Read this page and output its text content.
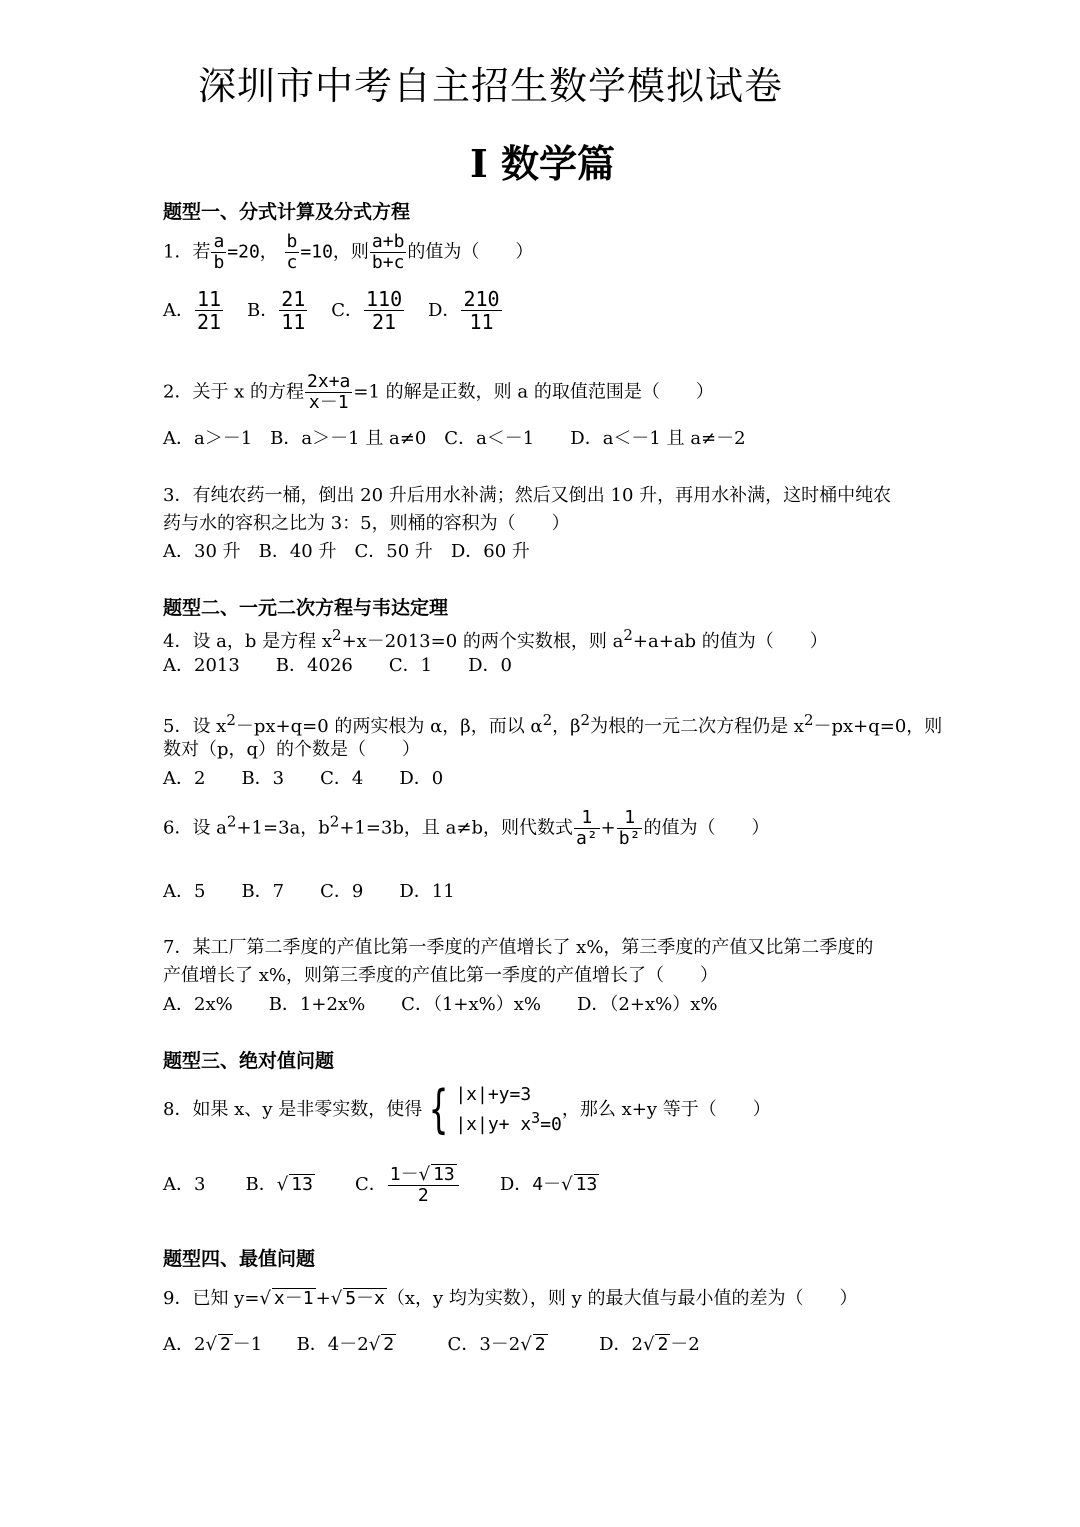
深圳市中考自主招生数学模拟试卷
I 数学篇
题型一、分式计算及分式方程
1．若 $\frac{a}{b} =20$， $\frac{b}{c} =10$，则 $\frac{a+b}{b+c}$ 的值为（　　）
A． $\frac{11}{21}$ B． $\frac{21}{11}$ C． $\frac{110}{21}$ D． $\frac{210}{11}$
2．关于 x 的方程 $\frac{2x+a}{x-1} =1$ 的解是正数，则 a 的取值范围是（　　）
A．a＞－1　B．a＞－1 且 a≠0　C．a＜－1　　D．a＜－1 且 a≠－2
3．有纯农药一桶，倒出 20 升后用水补满；然后又倒出 10 升，再用水补满，这时桶中纯农
药与水的容积之比为 3：5，则桶的容积为（　　）
A．30 升　B．40 升　C．50 升　D．60 升
题型二、一元二次方程与韦达定理
4．设 a，b 是方程 $x^2+x-2013=0$ 的两个实数根，则 $a^2+a+ab$ 的值为（　　）
A．2013　　B．4026　　C．1　　D．0
5．设 $x^2-px+q=0$ 的两实根为 α，β，而以 $\alpha^2$，$\beta^2$为根的一元二次方程仍是 $x^2-px+q=0$，则
数对（p，q）的个数是（　　）
A．2　　B．3　　C．4　　D．0
6．设 $a^2+1=3a$，$b^2+1=3b$，且 a≠b，则代数式 $\frac{1}{\text{a²}} + \frac{1}{\text{b²}}$ 的值为（　　）
A．5　　B．7　　C．9　　D．11
7．某工厂第二季度的产值比第一季度的产值增长了 x%，第三季度的产值又比第二季度的
产值增长了 x%，则第三季度的产值比第一季度的产值增长了（　　）
A．2x%　　B．1+2x%　　C．（1+x%）x%　　D．（2+x%）x%
题型三、绝对值问题
8．如果 x、y 是非零实数，使得 { |x|+y=3
$|x|y+ x^3=0$，那么 x+y 等于（　　）
A．3 B．√ 13 C． $\frac{1-√ 13}{2}$ D．4－√ 13
题型四、最值问题
9．已知 y=√ x－1 +√ 5－x （x，y 均为实数），则 y 的最大值与最小值的差为（　　）
A．2√ 2 －1 B．4－2√ 2	C．3－2√ 2	D．2√ 2 －2
